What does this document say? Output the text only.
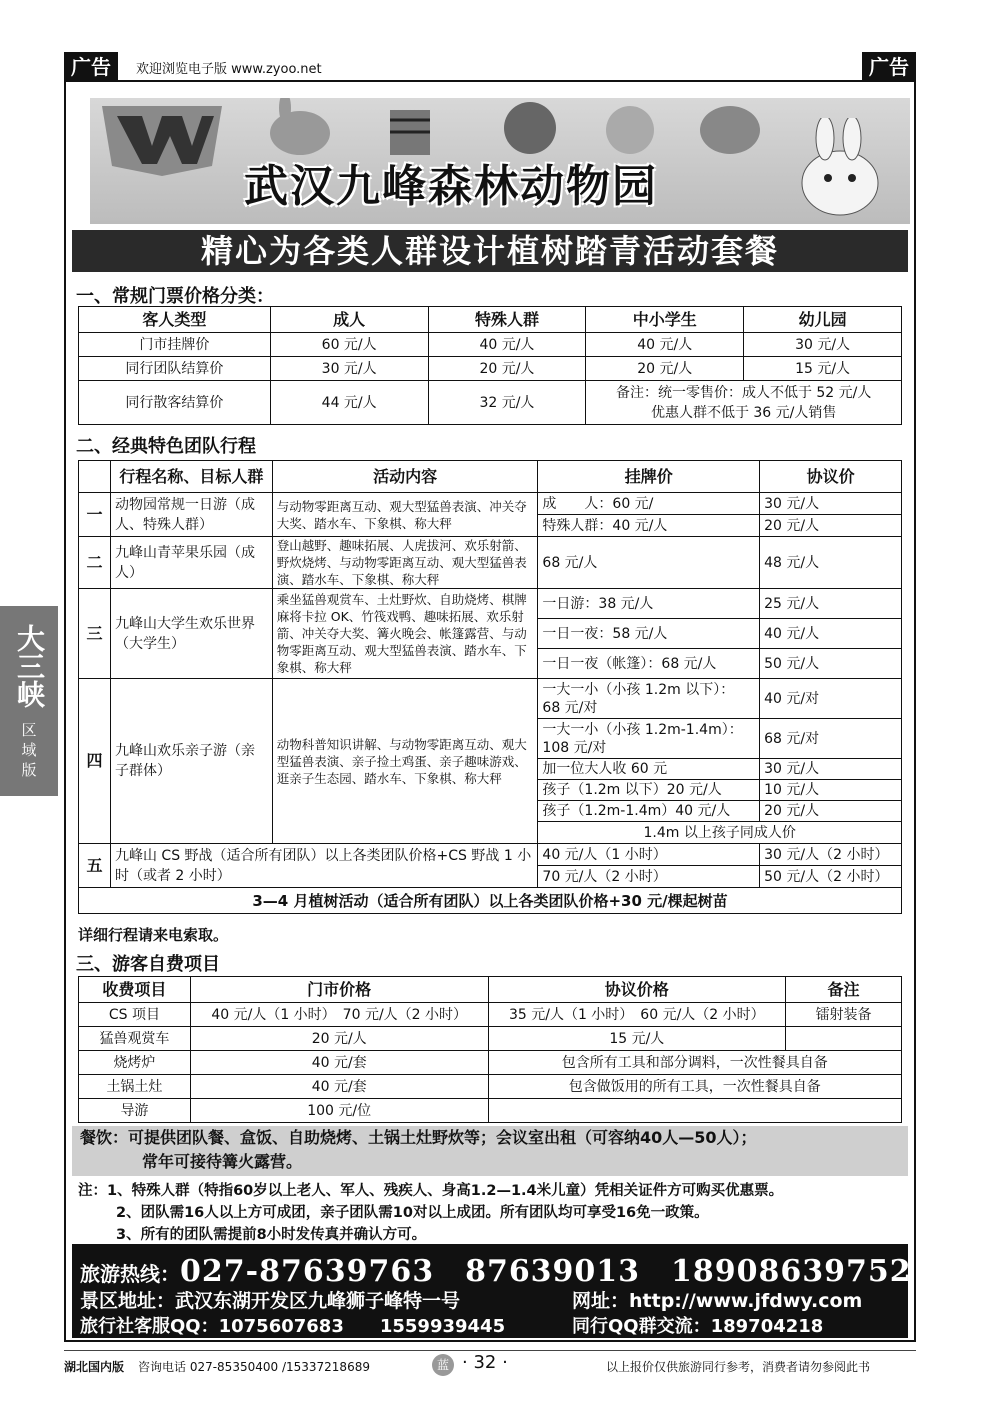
广告	欢迎浏览电子版 www.zyoo.net	广告
武汉九峰森林动物园
精心为各类人群设计植树踏青活动套餐
大三峡
区
域
版
一、常规门票价格分类：
客人类型	成人	特殊人群	中小学生	幼儿园
门市挂牌价	60 元/人	40 元/人	40 元/人	30 元/人
同行团队结算价	30 元/人	20 元/人	20 元/人	15 元/人
同行散客结算价	44 元/人	32 元/人	备注：统一零售价：成人不低于 52 元/人
优惠人群不低于 36 元/人销售	
二、经典特色团队行程
	行程名称、目标人群	活动内容	挂牌价	协议价
一	动物园常规一日游（成人、特殊人群）	与动物零距离互动、观大型猛兽表演、冲关夺大奖、踏水车、下象棋、称大秤	成　　人：60 元/	30 元/人
			特殊人群：40 元/人	20 元/人
二	九峰山青苹果乐园（成人）	登山越野、趣味拓展、人虎拔河、欢乐射箭、野炊烧烤、与动物零距离互动、观大型猛兽表演、踏水车、下象棋、称大秤	68 元/人	48 元/人
三	九峰山大学生欢乐世界（大学生）	乘坐猛兽观赏车、土灶野炊、自助烧烤、棋牌麻将卡拉 OK、竹筏戏鸭、趣味拓展、欢乐射箭、冲关夺大奖、篝火晚会、帐篷露营、与动物零距离互动、观大型猛兽表演、踏水车、下象棋、称大秤	一日游：38 元/人	25 元/人
			一日一夜：58 元/人	40 元/人
			一日一夜（帐篷）：68 元/人	50 元/人
四	九峰山欢乐亲子游（亲子群体）	动物科普知识讲解、与动物零距离互动、观大型猛兽表演、亲子捡土鸡蛋、亲子趣味游戏、逛亲子生态园、踏水车、下象棋、称大秤	一大一小（小孩 1.2m 以下）：
68 元/对	40 元/对

			一大一小（小孩 1.2m-1.4m）：
108 元/对	68 元/对
			加一位大人收 60 元	30 元/人
			孩子（1.2m 以下）20 元/人	10 元/人
			孩子（1.2m-1.4m）40 元/人	20 元/人
			1.4m 以上孩子同成人价	
五	九峰山 CS 野战（适合所有团队）以上各类团队价格+CS 野战 1 小时（或者 2 小时）		40 元/人（1 小时）	30 元/人（2 小时）
			70 元/人（2 小时）	50 元/人（2 小时）
3—4 月植树活动（适合所有团队）以上各类团队价格+30 元/棵起树苗				
详细行程请来电索取。
三、游客自费项目
收费项目	门市价格	协议价格	备注
CS 项目	40 元/人（1 小时）　70 元/人（2 小时）	35 元/人（1 小时）　60 元/人（2 小时）	镭射装备
猛兽观赏车	20 元/人	15 元/人	
烧烤炉	40 元/套	包含所有工具和部分调料，一次性餐具自备	
土锅土灶	40 元/套	包含做饭用的所有工具，一次性餐具自备	
导游	100 元/位		
餐饮：可提供团队餐、盒饭、自助烧烤、土锅土灶野炊等；会议室出租（可容纳40人—50人）；
常年可接待篝火露营。
注：1、特殊人群（特指60岁以上老人、军人、残疾人、身高1.2—1.4米儿童）凭相关证件方可购买优惠票。
2、团队需16人以上方可成团，亲子团队需10对以上成团。所有团队均可享受16免一政策。
3、所有的团队需提前8小时发传真并确认方可。
旅游热线：027-87639763　87639013　18908639752
景区地址：武汉东湖开发区九峰狮子峰特一号	网址：http://www.jfdwy.com
旅行社客服QQ：1075607683　　1559939445	同行QQ群交流：189704218
湖北国内版 咨询电话 027-85350400 /15337218689	蓝 · 32 ·	以上报价仅供旅游同行参考，消费者请勿参阅此书
